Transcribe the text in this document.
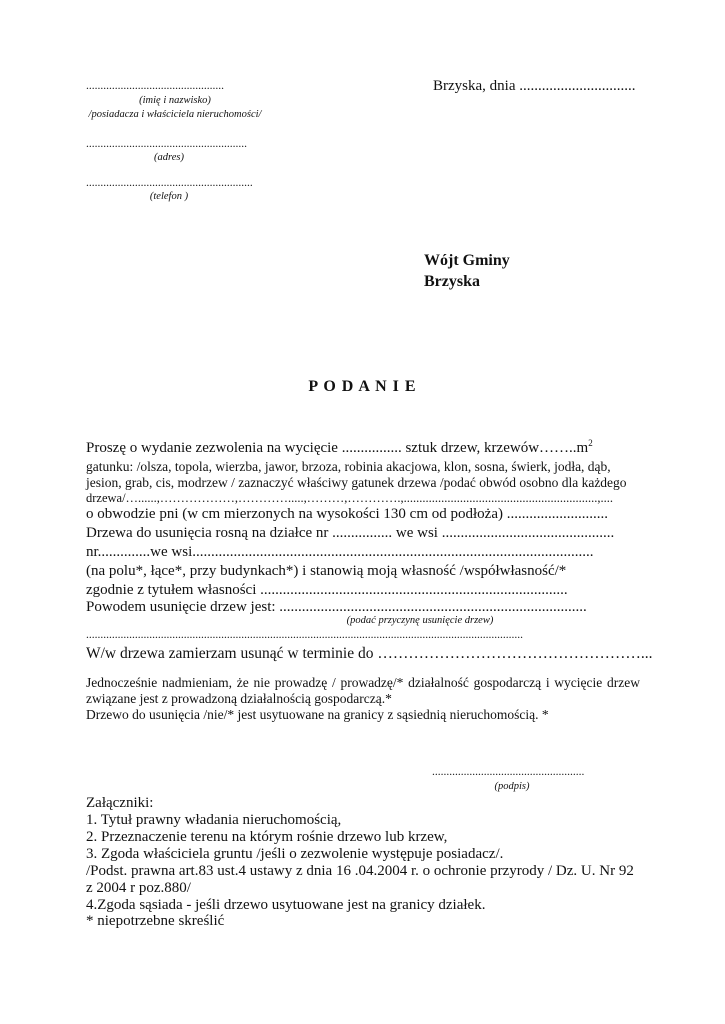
................................................
(imię i nazwisko)
/posiadacza i właściciela nieruchomości/
........................................................
(adres)
..........................................................
(telefon )
Brzyska, dnia ...............................
Wójt Gminy
Brzyska
P O D A N I E
Proszę o wydanie zezwolenia na wycięcie ................ sztuk drzew, $krzewów\dots\dots..m^2$
gatunku: /olsza, topola, wierzba, jawor, brzoza, robinia akacjowa, klon, sosna, świerk, jodła, dąb,
jesion, grab, cis, modrzew / zaznaczyć właściwy gatunek drzewa /podać obwód osobno dla każdego
drzewa/…......,………………,………….....,………,………….,..............................................................,....
o obwodzie pni (w cm mierzonych na wysokości 130 cm od podłoża) ...........................
Drzewa do usunięcia rosną na działce nr ................ we wsi ..............................................
nr..............we wsi...........................................................................................................
(na polu*, łące*, przy budynkach*) i stanowią moją własność /współwłasność/*
zgodnie z tytułem własności ..................................................................................
Powodem usunięcie drzew jest: ..................................................................................
(podać przyczynę usunięcie drzew)
........................................................................................................................................................
W/w drzewa zamierzam usunąć w terminie do ……………………………………………...
Jednocześnie nadmieniam, że nie prowadzę / prowadzę/* działalność gospodarczą i wycięcie drzew związane jest z prowadzoną działalnością gospodarczą.*
Drzewo do usunięcia /nie/* jest usytuowane na granicy z sąsiednią nieruchomością. *
.....................................................
(podpis)
Załączniki:
1. Tytuł prawny władania nieruchomością,
2. Przeznaczenie terenu na którym rośnie drzewo lub krzew,
3. Zgoda właściciela gruntu /jeśli o zezwolenie występuje posiadacz/.
/Podst. prawna art.83 ust.4 ustawy z dnia 16 .04.2004 r. o ochronie przyrody / Dz. U. Nr 92
z 2004 r poz.880/
4.Zgoda sąsiada - jeśli drzewo usytuowane jest na granicy działek.
* niepotrzebne skreślić
